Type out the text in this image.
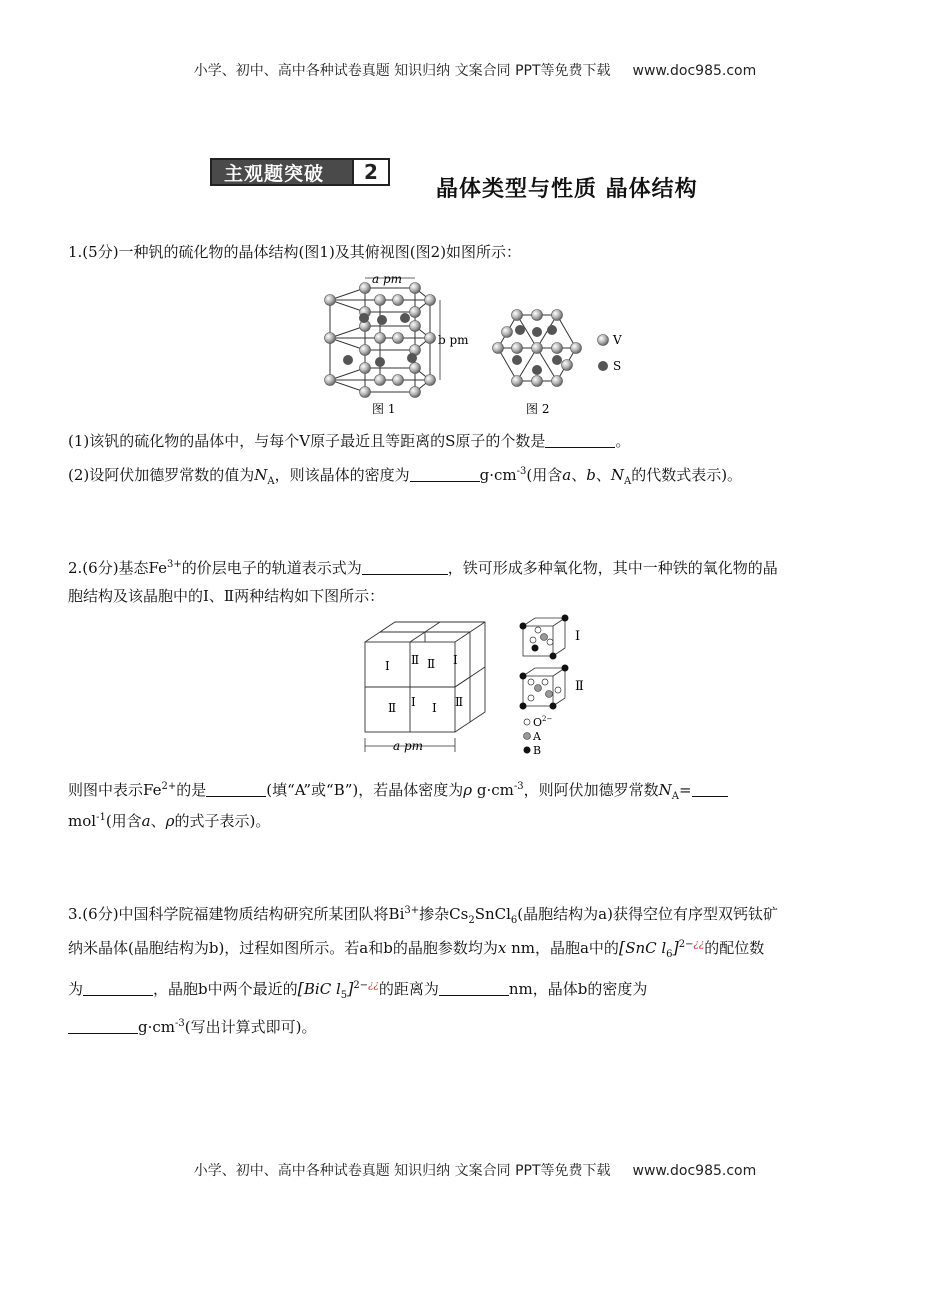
小学、初中、高中各种试卷真题 知识归纳 文案合同 PPT等免费下载 www.doc985.com
主观题突破	2
晶体类型与性质 晶体结构
1.(5分)一种钒的硫化物的晶体结构(图1)及其俯视图(图2)如图所示：
a pm
b pm
图 1	图 2
V
S
(1)该钒的硫化物的晶体中，与每个V原子最近且等距离的S原子的个数是	。
(2)设阿伏加德罗常数的值为$N_A$，则该晶体的密度为	$g\cdot cm^{-3}$(用含a、b、$N_A$的代数式表示)。
2.(6分)基态$Fe^{3+}$的价层电子的轨道表示式为	，铁可形成多种氧化物，其中一种铁的氧化物的晶
胞结构及该晶胞中的Ⅰ、Ⅱ两种结构如下图所示：
Ⅰ Ⅱ Ⅱ Ⅰ
Ⅱ Ⅰ Ⅰ Ⅱ
a pm
Ⅰ
Ⅱ
$O^{2-}$
A
B
则图中表示$Fe^{2+}$的是	(填“A”或“B”)，若晶体密度为ρ $g\cdot cm^{-3}$，则阿伏加德罗常数$N_A=$
mol$^{-1}$(用含a、ρ的式子表示)。
3.(6分)中国科学院福建物质结构研究所某团队将$Bi^{3+}$掺杂$Cs_2SnCl_6$(晶胞结构为a)获得空位有序型双钙钛矿
纳米晶体(晶胞结构为b)，过程如图所示。若a和b的晶胞参数均为x nm，晶胞a中的[SnC $l_6]^{2-¿¿}$的配位数
为	，晶胞b中两个最近的[BiC $l_5]^{2-¿¿}$的距离为	nm，晶体b的密度为
$g\cdot cm^{-3}$(写出计算式即可)。
小学、初中、高中各种试卷真题 知识归纳 文案合同 PPT等免费下载 www.doc985.com
